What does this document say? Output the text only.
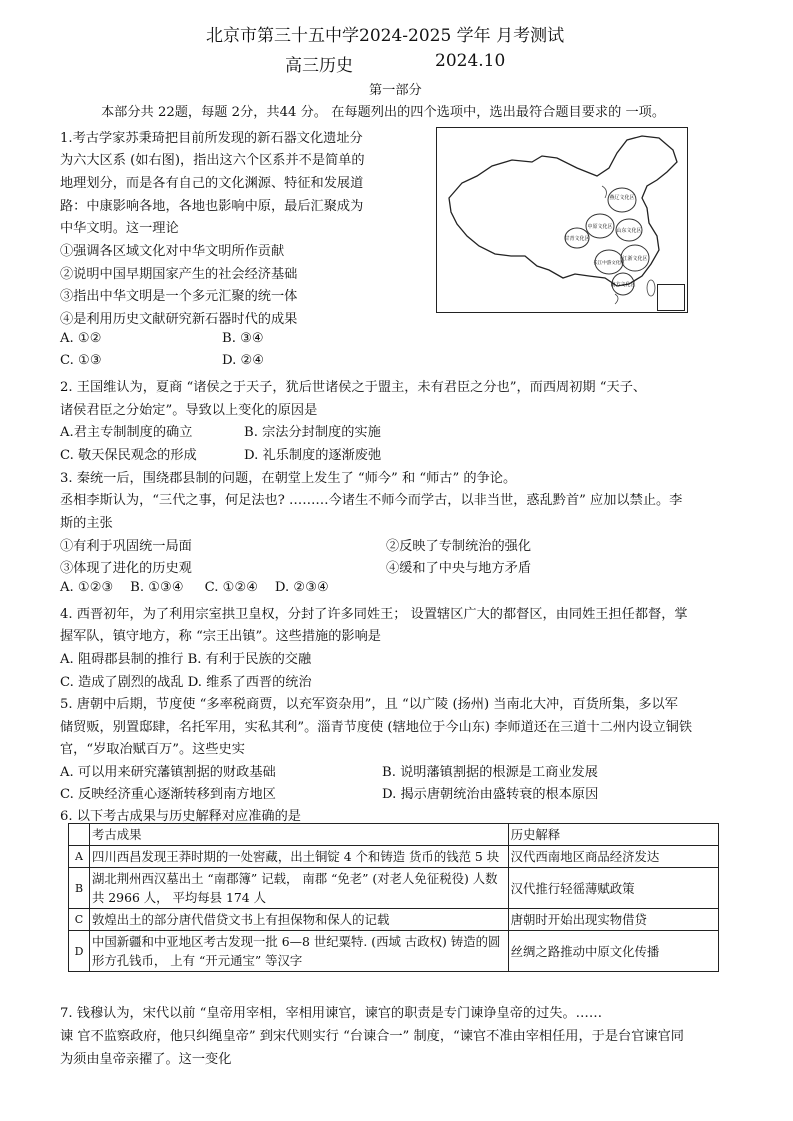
北京市第三十五中学2024-2025 学年 月考测试
高三历史	2024.10
第一部分
本部分共 22题，每题 2分，共44 分。 在每题列出的四个选项中，选出最符合题目要求的 一项。
燕辽文化区
中原文化区
山东文化区
甘青文化区
江浙文化区
长江中游文化区
南方文化区
1.考古学家苏秉琦把目前所发现的新石器文化遗址分
为六大区系 (如右图)，指出这六个区系并不是简单的
地理划分，而是各有自己的文化渊源、特征和发展道
路：中康影响各地，各地也影响中原，最后汇聚成为
中华文明。这一理论
①强调各区域文化对中华文明所作贡献
②说明中国早期国家产生的社会经济基础
③指出中华文明是一个多元汇聚的统一体
④是利用历史文献研究新石器时代的成果
A. ①②	B. ③④
C. ①③	D. ②④
2. 王国维认为，夏商 “诸侯之于天子，犹后世诸侯之于盟主，未有君臣之分也”，而西周初期 “天子、
诸侯君臣之分始定”。导致以上变化的原因是
A.君主专制制度的确立	B. 宗法分封制度的实施
C. 敬天保民观念的形成	D. 礼乐制度的逐渐废弛
3. 秦统一后，围绕郡县制的问题，在朝堂上发生了 “师今” 和 “师古” 的争论。
丞相李斯认为，“三代之事，何足法也? ………今诸生不师今而学古，以非当世，惑乱黔首” 应加以禁止。李
斯的主张
①有利于巩固统一局面	②反映了专制统治的强化
③体现了进化的历史观	④缓和了中央与地方矛盾
A. ①②③    B. ①③④     C. ①②④    D. ②③④
4. 西晋初年，为了利用宗室拱卫皇权，分封了许多同姓王； 设置辖区广大的都督区，由同姓王担任都督，掌
握军队，镇守地方，称 “宗王出镇”。这些措施的影响是
A. 阻碍郡县制的推行 B. 有利于民族的交融
C. 造成了剧烈的战乱 D. 维系了西晋的统治
5. 唐朝中后期，节度使 “多率税商贾，以充军资杂用”，且 “以广陵 (扬州) 当南北大冲，百货所集，多以军
储贸贩，别置邸肆，名托军用，实私其利”。淄青节度使 (辖地位于今山东) 李师道还在三道十二州内设立铜铁
官，“岁取冶赋百万”。这些史实
A. 可以用来研究藩镇割据的财政基础	B. 说明藩镇割据的根源是工商业发展
C. 反映经济重心逐渐转移到南方地区	D. 揭示唐朝统治由盛转衰的根本原因
6. 以下考古成果与历史解释对应准确的是
	考古成果	历史解释
A	四川西昌发现王莽时期的一处窖藏，出土铜锭 4 个和铸造 货币的钱范 5 块	汉代西南地区商品经济发达
B	湖北荆州西汉墓出土 “南郡簿” 记载， 南郡 “免老” (对老人免征税役) 人数共 2966 人， 平均每县 174 人	汉代推行轻徭薄赋政策
C	敦煌出土的部分唐代借贷文书上有担保物和保人的记载	唐朝时开始出现实物借贷
D	中国新疆和中亚地区考古发现一批 6—8 世纪粟特. (西域 古政权) 铸造的圆形方孔钱币， 上有 “开元通宝” 等汉字	丝绸之路推动中原文化传播
7. 钱穆认为，宋代以前 “皇帝用宰相，宰相用谏官，谏官的职责是专门谏诤皇帝的过失。……
谏 官不监察政府，他只纠绳皇帝” 到宋代则实行 “台谏合一” 制度，“谏官不准由宰相任用，于是台官谏官同
为须由皇帝亲擢了。这一变化
